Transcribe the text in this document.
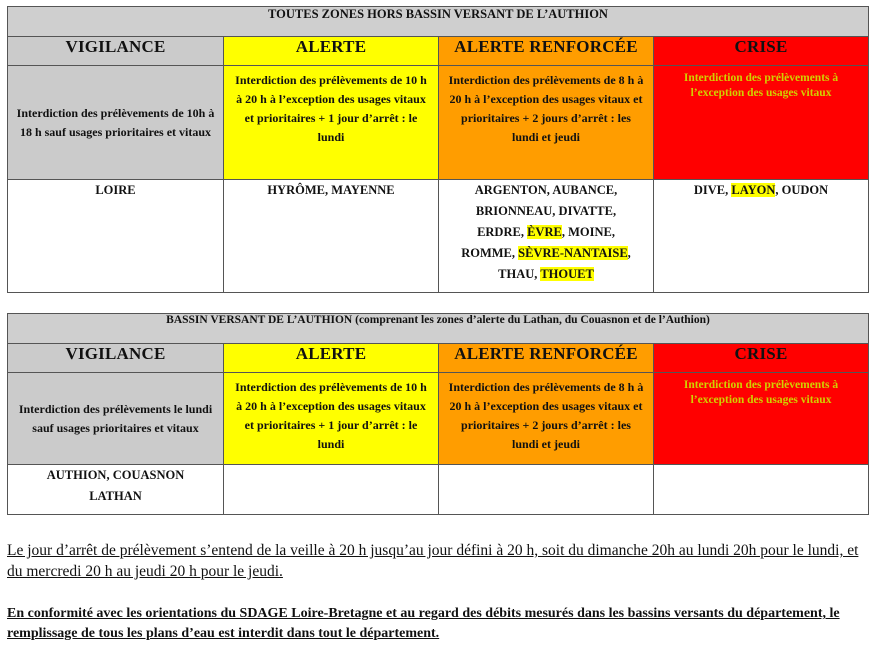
TOUTES ZONES HORS BASSIN VERSANT DE L’AUTHION			
VIGILANCE	ALERTE	ALERTE RENFORCÉE	CRISE

Interdiction des prélèvements de 10h à 18 h sauf usages prioritaires et vitaux	Interdiction des prélèvements de 10 h à 20 h à l’exception des usages vitaux et prioritaires + 1 jour d’arrêt : le lundi	Interdiction des prélèvements de 8 h à 20 h à l’exception des usages vitaux et prioritaires + 2 jours d’arrêt : les lundi et jeudi	Interdiction des prélèvements à l’exception des usages vitaux

LOIRE	HYRÔME, MAYENNE	ARGENTON, AUBANCE,
BRIONNEAU, DIVATTE,
ERDRE, ÈVRE, MOINE,
ROMME, SÈVRE-NANTAISE,
THAU, THOUET	DIVE, LAYON, OUDON
BASSIN VERSANT DE L’AUTHION (comprenant les zones d’alerte du Lathan, du Couasnon et de l’Authion)			
VIGILANCE	ALERTE	ALERTE RENFORCÉE	CRISE

Interdiction des prélèvements le lundi sauf usages prioritaires et vitaux	Interdiction des prélèvements de 10 h à 20 h à l’exception des usages vitaux et prioritaires + 1 jour d’arrêt : le lundi	Interdiction des prélèvements de 8 h à 20 h à l’exception des usages vitaux et prioritaires + 2 jours d’arrêt : les lundi et jeudi	Interdiction des prélèvements à l’exception des usages vitaux

AUTHION, COUASNON
LATHAN			

Le jour d’arrêt de prélèvement s’entend de la veille à 20 h jusqu’au jour défini à 20 h, soit du dimanche 20h au lundi 20h pour le lundi, et du mercredi 20 h au jeudi 20 h pour le jeudi.

En conformité avec les orientations du SDAGE Loire-Bretagne et au regard des débits mesurés dans les bassins versants du département, le remplissage de tous les plans d’eau est interdit dans tout le département.
